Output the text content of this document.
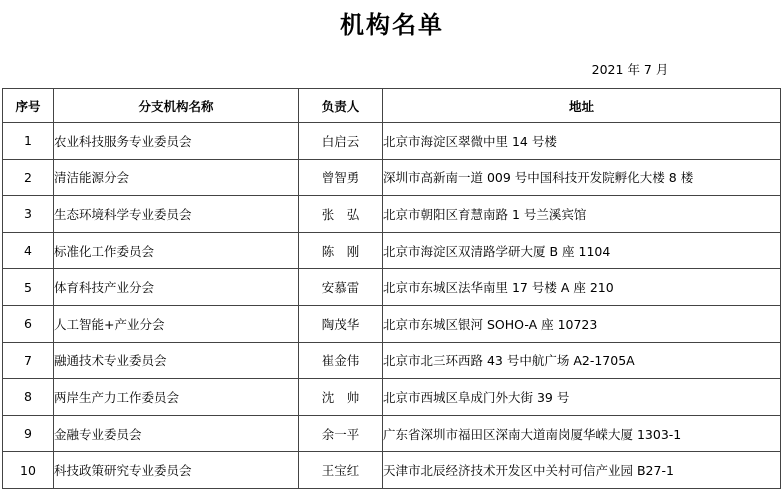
机构名单
2021 年 7 月
序号	分支机构名称	负责人	地址
1	农业科技服务专业委员会	白启云	北京市海淀区翠微中里 14 号楼
2	清洁能源分会	曾智勇	深圳市高新南一道 009 号中国科技开发院孵化大楼 8 楼
3	生态环境科学专业委员会	张　弘	北京市朝阳区育慧南路 1 号兰溪宾馆
4	标准化工作委员会	陈　刚	北京市海淀区双清路学研大厦 B 座 1104
5	体育科技产业分会	安慕雷	北京市东城区法华南里 17 号楼 A 座 210
6	人工智能+产业分会	陶茂华	北京市东城区银河 SOHO-A 座 10723
7	融通技术专业委员会	崔金伟	北京市北三环西路 43 号中航广场 A2-1705A
8	两岸生产力工作委员会	沈　帅	北京市西城区阜成门外大街 39 号
9	金融专业委员会	余一平	广东省深圳市福田区深南大道南岗厦华嵘大厦 1303-1
10	科技政策研究专业委员会	王宝红	天津市北辰经济技术开发区中关村可信产业园 B27-1
